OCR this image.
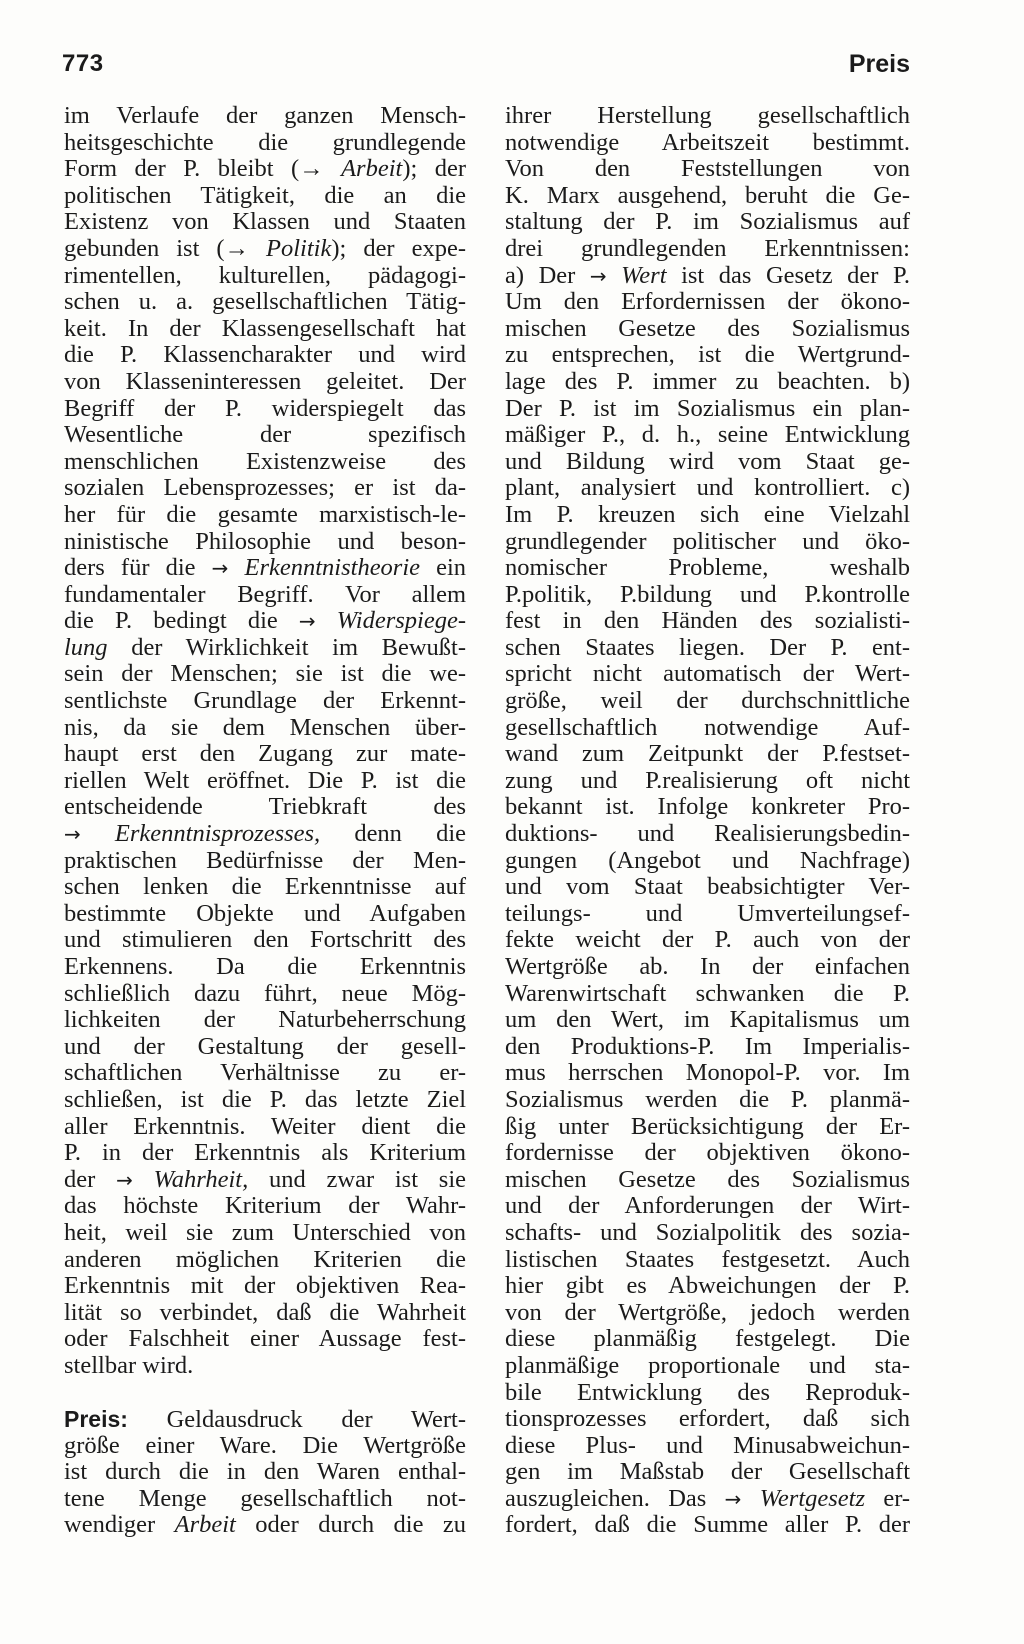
773	Preis
im Verlaufe der ganzen Mensch-
heitsgeschichte die grundlegende
Form der P. bleibt (→ Arbeit); der
politischen Tätigkeit, die an die
Existenz von Klassen und Staaten
gebunden ist (→ Politik); der expe-
rimentellen, kulturellen, pädagogi-
schen u. a. gesellschaftlichen Tätig-
keit. In der Klassengesellschaft hat
die P. Klassencharakter und wird
von Klasseninteressen geleitet. Der
Begriff der P. widerspiegelt das
Wesentliche	der	spezifisch
menschlichen Existenzweise des
sozialen Lebensprozesses; er ist da-
her für die gesamte marxistisch-le-
ninistische Philosophie und beson-
ders für die → Erkenntnistheorie ein
fundamentaler Begriff. Vor allem
die P. bedingt die → Widerspiege-
lung der Wirklichkeit im Bewußt-
sein der Menschen; sie ist die we-
sentlichste Grundlage der Erkennt-
nis, da sie dem Menschen über-
haupt erst den Zugang zur mate-
riellen Welt eröffnet. Die P. ist die
entscheidende	Triebkraft	des
→ Erkenntnisprozesses, denn die
praktischen Bedürfnisse der Men-
schen lenken die Erkenntnisse auf
bestimmte Objekte und Aufgaben
und stimulieren den Fortschritt des
Erkennens. Da die Erkenntnis
schließlich dazu führt, neue Mög-
lichkeiten der Naturbeherrschung
und der Gestaltung der gesell-
schaftlichen Verhältnisse zu er-
schließen, ist die P. das letzte Ziel
aller Erkenntnis. Weiter dient die
P. in der Erkenntnis als Kriterium
der → Wahrheit, und zwar ist sie
das höchste Kriterium der Wahr-
heit, weil sie zum Unterschied von
anderen möglichen Kriterien die
Erkenntnis mit der objektiven Rea-
lität so verbindet, daß die Wahrheit
oder Falschheit einer Aussage fest-
stellbar wird.
Preis: Geldausdruck der Wert-
größe einer Ware. Die Wertgröße
ist durch die in den Waren enthal-
tene Menge gesellschaftlich not-
wendiger Arbeit oder durch die zu
ihrer Herstellung gesellschaftlich
notwendige Arbeitszeit bestimmt.
Von den Feststellungen von
K. Marx ausgehend, beruht die Ge-
staltung der P. im Sozialismus auf
drei grundlegenden Erkenntnissen:
a) Der → Wert ist das Gesetz der P.
Um den Erfordernissen der ökono-
mischen Gesetze des Sozialismus
zu entsprechen, ist die Wertgrund-
lage des P. immer zu beachten. b)
Der P. ist im Sozialismus ein plan-
mäßiger P., d. h., seine Entwicklung
und Bildung wird vom Staat ge-
plant, analysiert und kontrolliert. c)
Im P. kreuzen sich eine Vielzahl
grundlegender politischer und öko-
nomischer	Probleme,	weshalb
P.politik, P.bildung und P.kontrolle
fest in den Händen des sozialisti-
schen Staates liegen. Der P. ent-
spricht nicht automatisch der Wert-
größe, weil der durchschnittliche
gesellschaftlich notwendige Auf-
wand zum Zeitpunkt der P.festset-
zung und P.realisierung oft nicht
bekannt ist. Infolge konkreter Pro-
duktions- und Realisierungsbedin-
gungen (Angebot und Nachfrage)
und vom Staat beabsichtigter Ver-
teilungs- und Umverteilungsef-
fekte weicht der P. auch von der
Wertgröße ab. In der einfachen
Warenwirtschaft schwanken die P.
um den Wert, im Kapitalismus um
den Produktions-P. Im Imperialis-
mus herrschen Monopol-P. vor. Im
Sozialismus werden die P. planmä-
ßig unter Berücksichtigung der Er-
fordernisse der objektiven ökono-
mischen Gesetze des Sozialismus
und der Anforderungen der Wirt-
schafts- und Sozialpolitik des sozia-
listischen Staates festgesetzt. Auch
hier gibt es Abweichungen der P.
von der Wertgröße, jedoch werden
diese planmäßig festgelegt. Die
planmäßige proportionale und sta-
bile Entwicklung des Reproduk-
tionsprozesses erfordert, daß sich
diese Plus- und Minusabweichun-
gen im Maßstab der Gesellschaft
auszugleichen. Das → Wertgesetz er-
fordert, daß die Summe aller P. der
